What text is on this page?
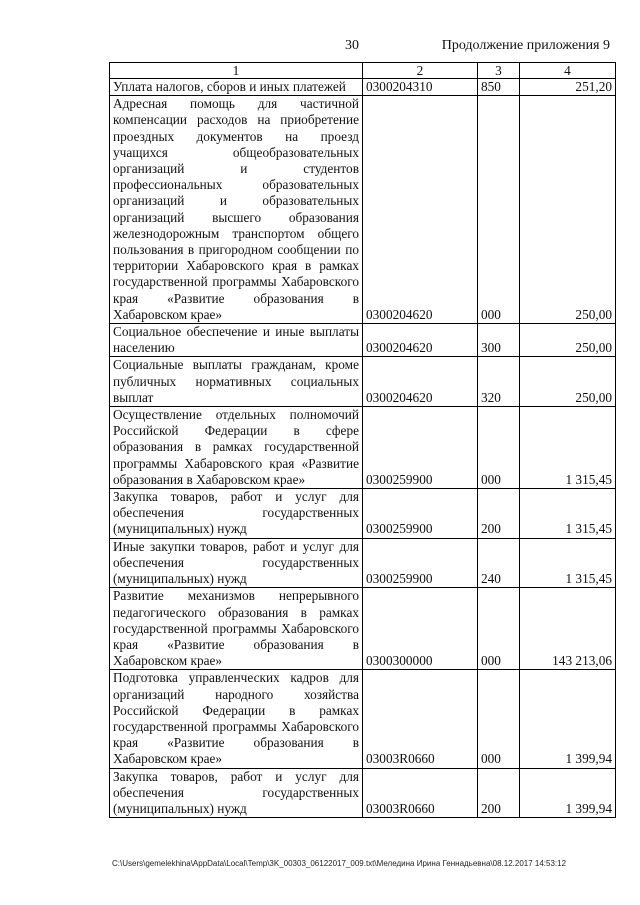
30	Продолжение приложения 9
1	2	3	4
Уплата налогов, сборов и иных платежей	0300204310	850	251,20
Адресная помощь для частичной компенсации расходов на приобретение проездных документов на проезд учащихся общеобразовательных организаций и студентов профессиональных образовательных организаций и образовательных организаций высшего образования железнодорожным транспортом общего пользования в пригородном сообщении по территории Хабаровского края в рамках государственной программы Хабаровского края «Развитие образования в Хабаровском крае»	0300204620	000	250,00
Социальное обеспечение и иные выплаты населению	0300204620	300	250,00
Социальные выплаты гражданам, кроме публичных нормативных социальных выплат	0300204620	320	250,00
Осуществление отдельных полномочий Российской Федерации в сфере образования в рамках государственной программы Хабаровского края «Развитие образования в Хабаровском крае»	0300259900	000	1 315,45
Закупка товаров, работ и услуг для обеспечения государственных (муниципальных) нужд	0300259900	200	1 315,45
Иные закупки товаров, работ и услуг для обеспечения государственных (муниципальных) нужд	0300259900	240	1 315,45
Развитие механизмов непрерывного педагогического образования в рамках государственной программы Хабаровского края «Развитие образования в Хабаровском крае»	0300300000	000	143 213,06
Подготовка управленческих кадров для организаций народного хозяйства Российской Федерации в рамках государственной программы Хабаровского края «Развитие образования в Хабаровском крае»	03003R0660	000	1 399,94
Закупка товаров, работ и услуг для обеспечения государственных (муниципальных) нужд	03003R0660	200	1 399,94
C:\Users\gemelekhina\AppData\Local\Temp\3K_00303_06122017_009.txt\Меледина Ирина Геннадьевна\08.12.2017 14:53:12
